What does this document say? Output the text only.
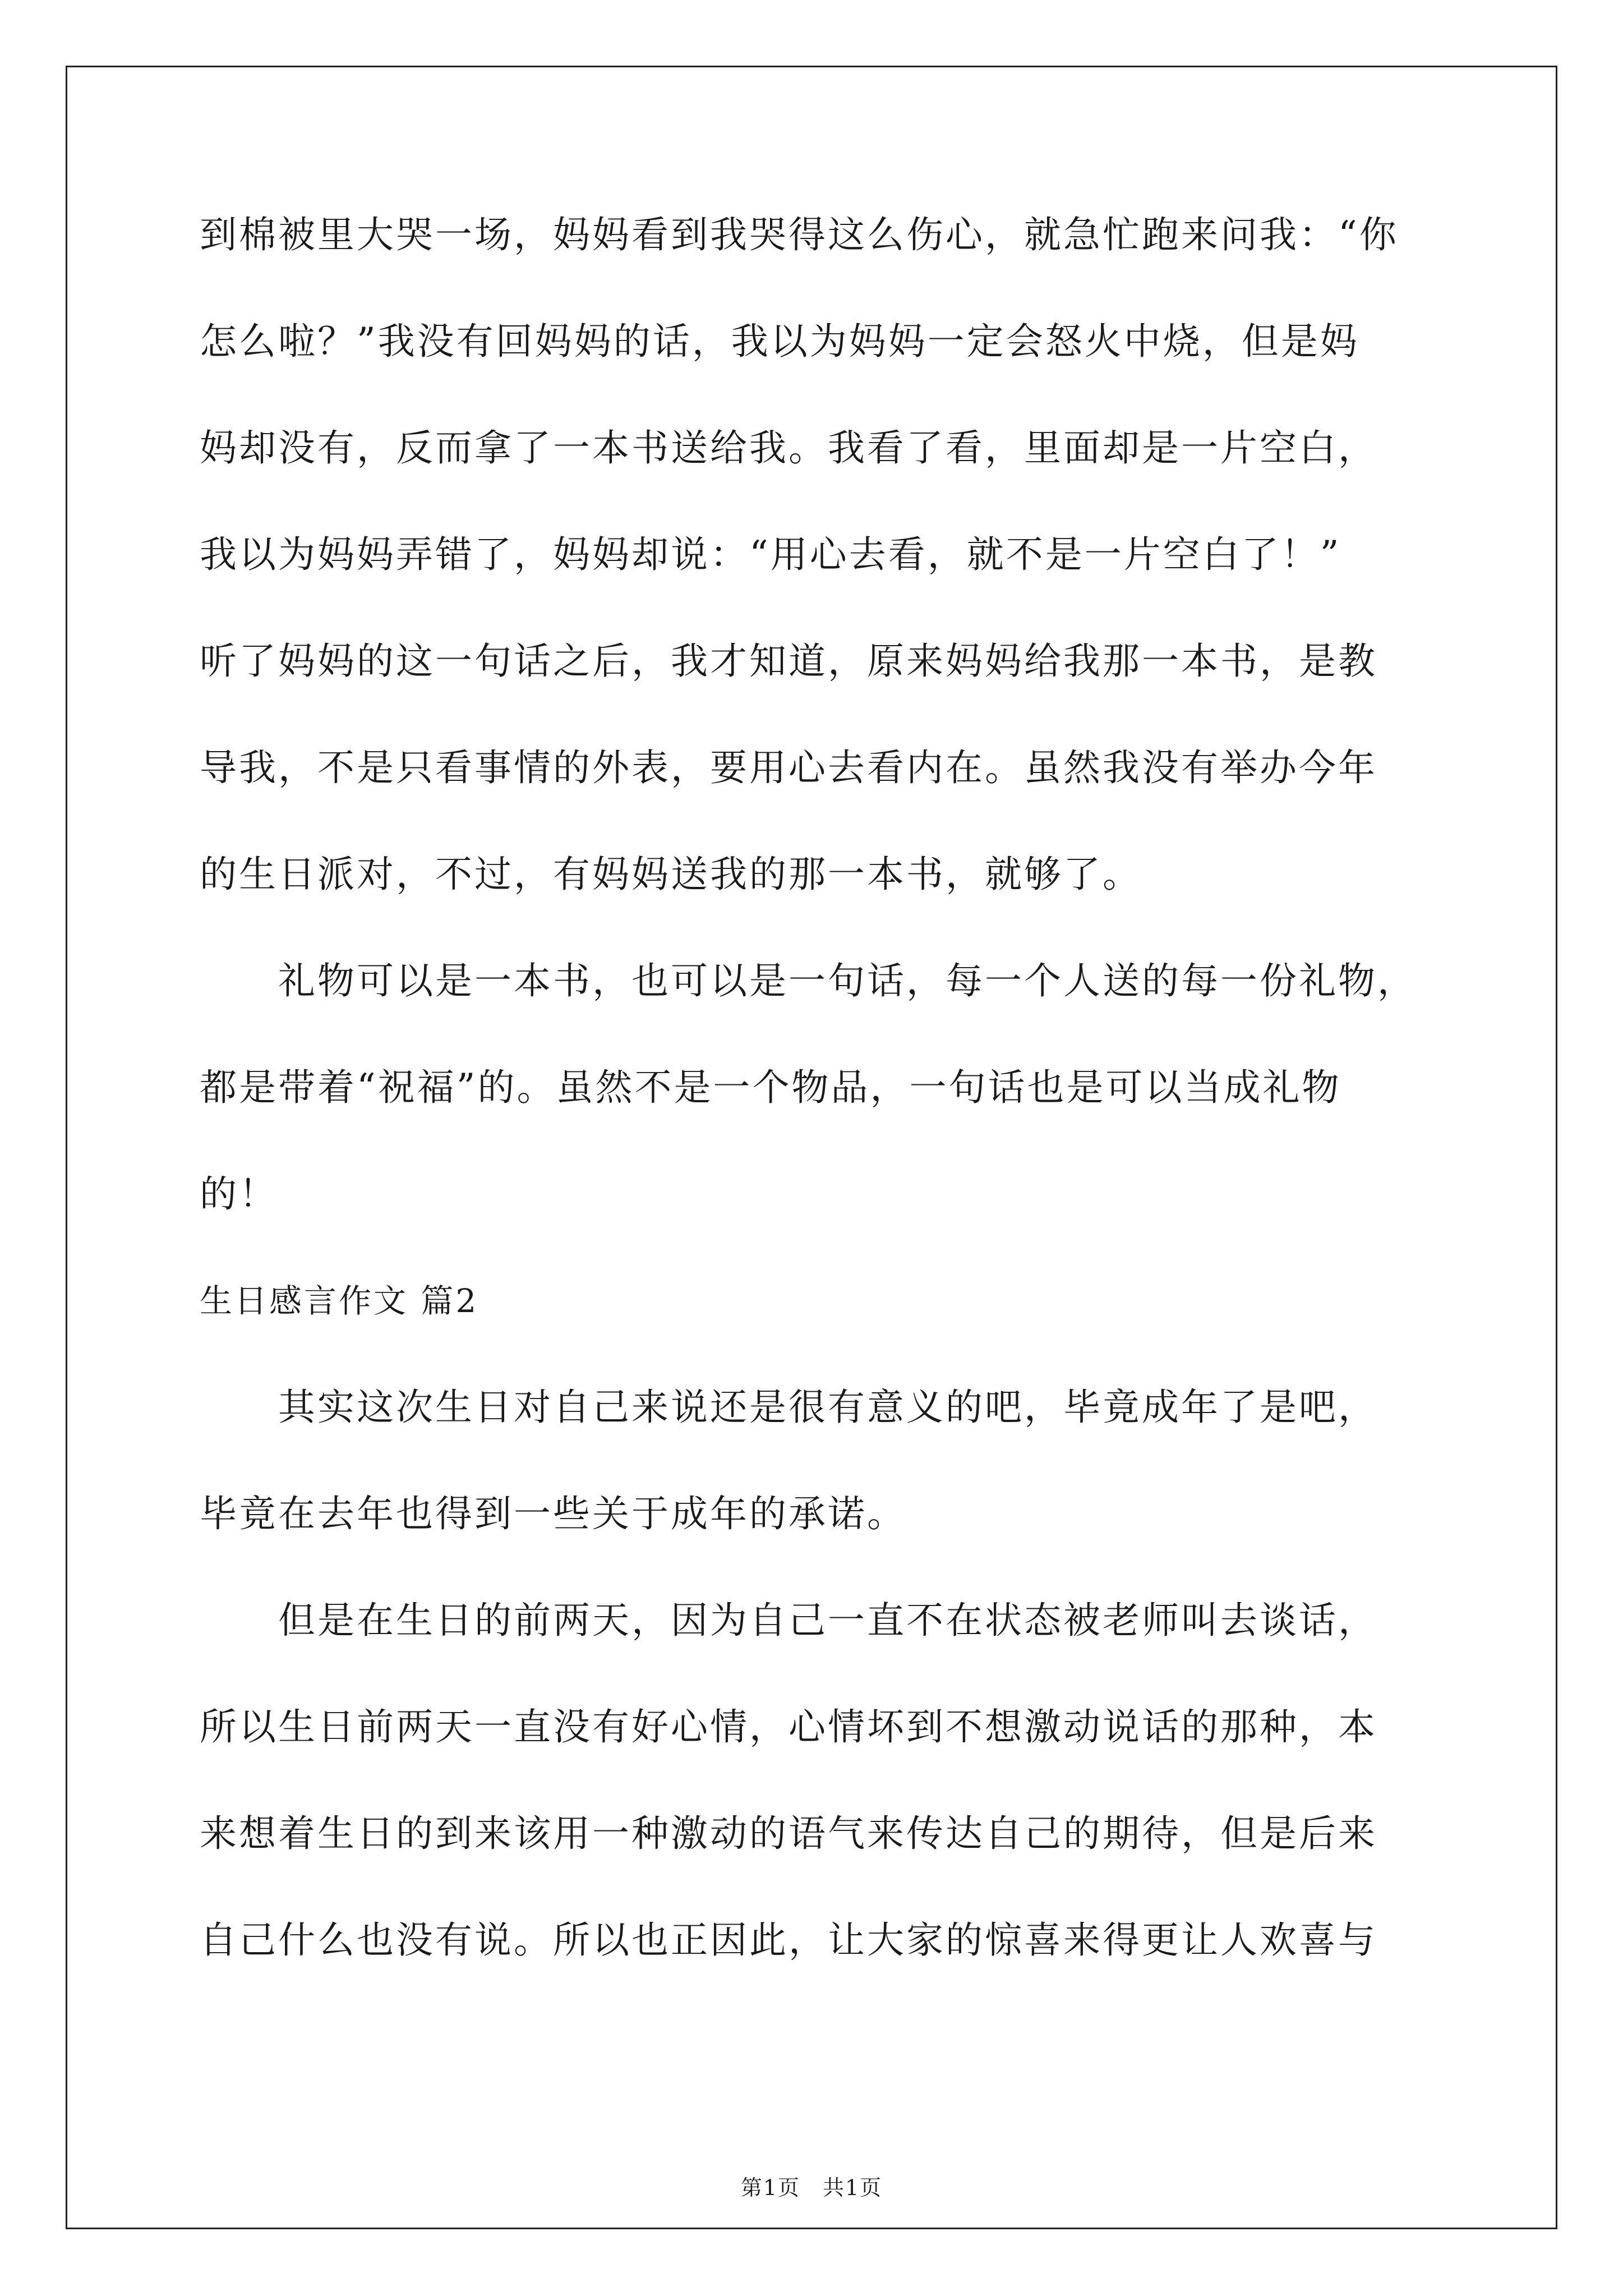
到棉被里大哭一场，妈妈看到我哭得这么伤心，就急忙跑来问我：“你
怎么啦？”我没有回妈妈的话，我以为妈妈一定会怒火中烧，但是妈
妈却没有，反而拿了一本书送给我。我看了看，里面却是一片空白，
我以为妈妈弄错了，妈妈却说：“用心去看，就不是一片空白了！”
听了妈妈的这一句话之后，我才知道，原来妈妈给我那一本书，是教
导我，不是只看事情的外表，要用心去看内在。虽然我没有举办今年
的生日派对，不过，有妈妈送我的那一本书，就够了。
　　礼物可以是一本书，也可以是一句话，每一个人送的每一份礼物，
都是带着“祝福”的。虽然不是一个物品，一句话也是可以当成礼物
的！
生日感言作文 篇2
　　其实这次生日对自己来说还是很有意义的吧，毕竟成年了是吧，
毕竟在去年也得到一些关于成年的承诺。
　　但是在生日的前两天，因为自己一直不在状态被老师叫去谈话，
所以生日前两天一直没有好心情，心情坏到不想激动说话的那种，本
来想着生日的到来该用一种激动的语气来传达自己的期待，但是后来
自己什么也没有说。所以也正因此，让大家的惊喜来得更让人欢喜与
第1页　共1页
